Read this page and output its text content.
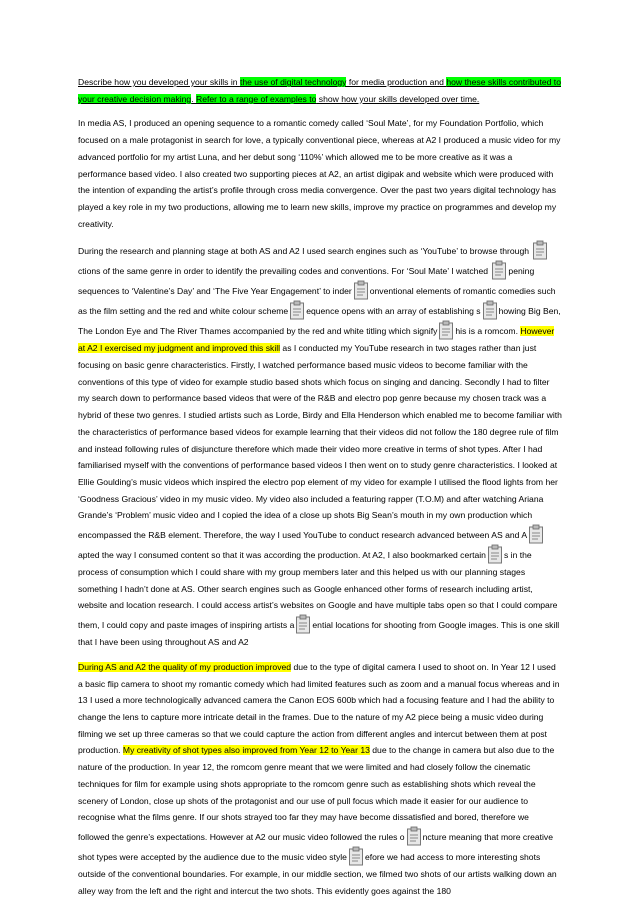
Describe how you developed your skills in the use of digital technology for media production and how these skills contributed to your creative decision making. Refer to a range of examples to show how your skills developed over time.

In media AS, I produced an opening sequence to a romantic comedy called ‘Soul Mate’, for my Foundation Portfolio, which focused on a male protagonist in search for love, a typically conventional piece, whereas at A2 I produced a music video for my advanced portfolio for my artist Luna, and her debut song ‘110%’ which allowed me to be more creative as it was a performance based video. I also created two supporting pieces at A2, an artist digipak and website which were produced with the intention of expanding the artist’s profile through cross media convergence. Over the past two years digital technology has played a key role in my two productions, allowing me to learn new skills, improve my practice on programmes and develop my creativity.

During the research and planning stage at both AS and A2 I used search engines such as ‘YouTube’ to browse through
ctions of the same genre in order to identify the prevailing codes and conventions. For ‘Soul Mate’ I watched
pening sequences to ‘Valentine’s Day’ and ‘The Five Year Engagement’ to inder onventional elements of romantic comedies such as the film setting and the red and white colour scheme equence opens with an array of establishing s howing Big Ben, The London Eye and The River Thames accompanied by the red and white titling which signify his is a romcom. However at A2 I exercised my judgment and improved this skill as I conducted my YouTube research in two stages rather than just focusing on basic genre characteristics. Firstly, I watched performance based music videos to become familiar with the conventions of this type of video for example studio based shots which focus on singing and dancing. Secondly I had to filter my search down to performance based videos that were of the R&B and electro pop genre because my chosen track was a hybrid of these two genres. I studied artists such as Lorde, Birdy and Ella Henderson which enabled me to become familiar with the characteristics of performance based videos for example learning that their videos did not follow the 180 degree rule of film and instead following rules of disjuncture therefore which made their video more creative in terms of shot types. After I had familiarised myself with the conventions of performance based videos I then went on to study genre characteristics. I looked at Ellie Goulding’s music videos which inspired the electro pop element of my video for example I utilised the flood lights from her ‘Goodness Gracious’ video in my music video. My video also included a featuring rapper (T.O.M) and after watching Ariana Grande’s ‘Problem’ music video and I copied the idea of a close up shots Big Sean’s mouth in my own production which encompassed the R&B element. Therefore, the way I used YouTube to conduct research advanced between AS and A
apted the way I consumed content so that it was according the production. At A2, I also bookmarked certain s in the process of consumption which I could share with my group members later and this helped us with our planning stages something I hadn’t done at AS. Other search engines such as Google enhanced other forms of research including artist, website and location research. I could access artist’s websites on Google and have multiple tabs open so that I could compare them, I could copy and paste images of inspiring artists a ential locations for shooting from Google images. This is one skill that I have been using throughout AS and A2

During AS and A2 the quality of my production improved due to the type of digital camera I used to shoot on. In Year 12 I used a basic flip camera to shoot my romantic comedy which had limited features such as zoom and a manual focus whereas and in 13 I used a more technologically advanced camera the Canon EOS 600b which had a focusing feature and I had the ability to change the lens to capture more intricate detail in the frames. Due to the nature of my A2 piece being a music video during filming we set up three cameras so that we could capture the action from different angles and intercut between them at post production. My creativity of shot types also improved from Year 12 to Year 13 due to the change in camera but also due to the nature of the production. In year 12, the romcom genre meant that we were limited and had closely follow the cinematic techniques for film for example using shots appropriate to the romcom genre such as establishing shots which reveal the scenery of London, close up shots of the protagonist and our use of pull focus which made it easier for our audience to recognise what the films genre. If our shots strayed too far they may have become dissatisfied and bored, therefore we followed the genre’s expectations. However at A2 our music video followed the rules o ncture meaning that more creative shot types were accepted by the audience due to the music video style efore we had access to more interesting shots outside of the conventional boundaries. For example, in our middle section, we filmed two shots of our artists walking down an alley way from the left and the right and intercut the two shots. This evidently goes against the 180
